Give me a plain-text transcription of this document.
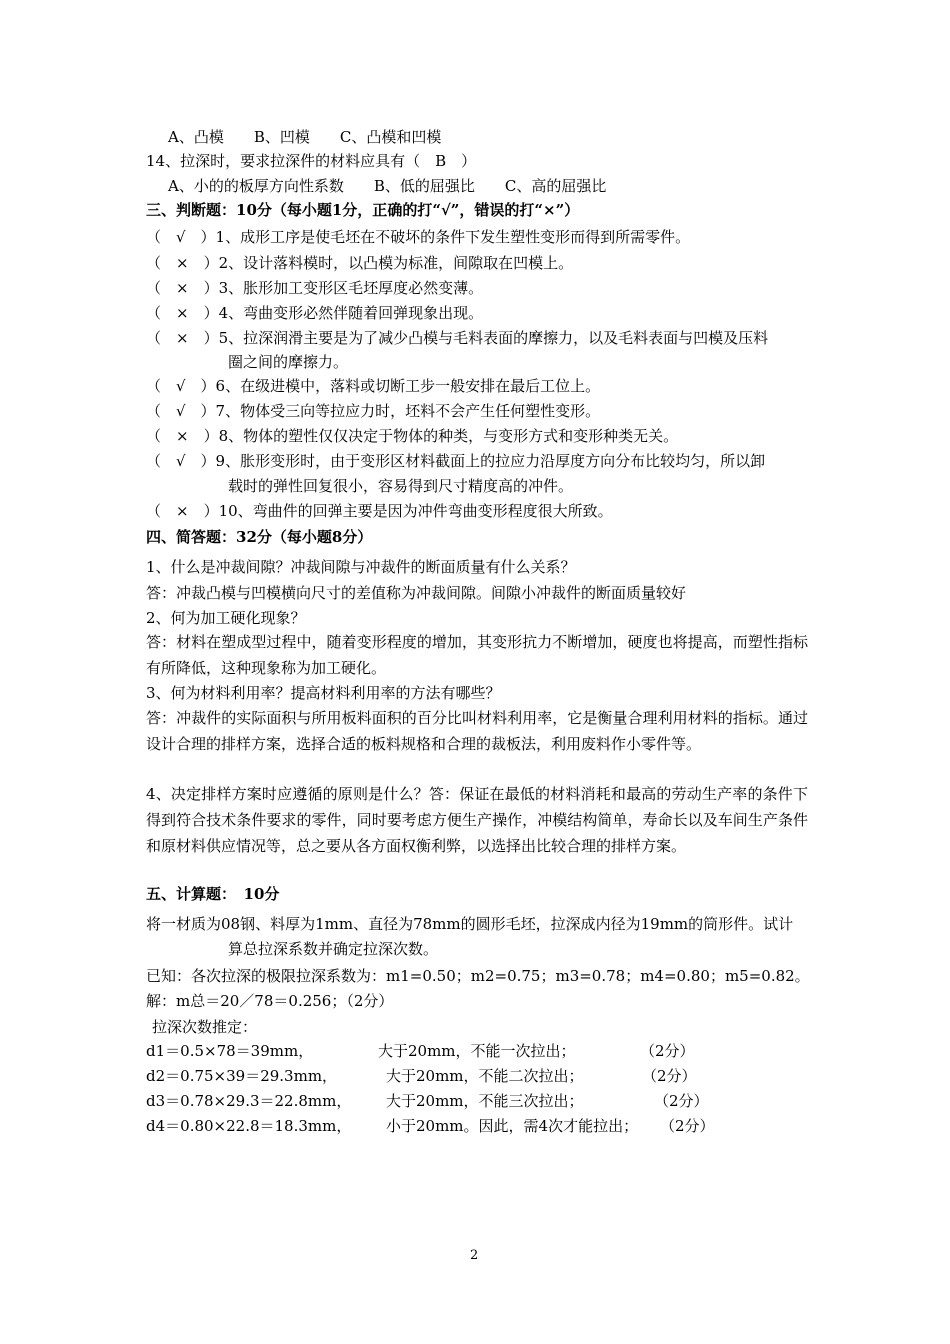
A、凸模　　B、凹模　　C、凸模和凹模
14、拉深时，要求拉深件的材料应具有（　B　）
A、小的的板厚方向性系数　　B、低的屈强比　　C、高的屈强比
三、判断题：10分（每小题1分，正确的打“√”，错误的打“×”）
（　√　）1、成形工序是使毛坯在不破坏的条件下发生塑性变形而得到所需零件。
（　×　）2、设计落料模时，以凸模为标准，间隙取在凹模上。
（　×　）3、胀形加工变形区毛坯厚度必然变薄。
（　×　）4、弯曲变形必然伴随着回弹现象出现。
（　×　）5、拉深润滑主要是为了减少凸模与毛料表面的摩擦力，以及毛料表面与凹模及压料
圈之间的摩擦力。
（　√　）6、在级进模中，落料或切断工步一般安排在最后工位上。
（　√　）7、物体受三向等拉应力时，坯料不会产生任何塑性变形。
（　×　）8、物体的塑性仅仅决定于物体的种类，与变形方式和变形种类无关。
（　√　）9、胀形变形时，由于变形区材料截面上的拉应力沿厚度方向分布比较均匀，所以卸
载时的弹性回复很小，容易得到尺寸精度高的冲件。
（　×　）10、弯曲件的回弹主要是因为冲件弯曲变形程度很大所致。
四、简答题：32分（每小题8分）
1、什么是冲裁间隙？冲裁间隙与冲裁件的断面质量有什么关系？
答：冲裁凸模与凹模横向尺寸的差值称为冲裁间隙。间隙小冲裁件的断面质量较好
2、何为加工硬化现象？
答：材料在塑成型过程中，随着变形程度的增加，其变形抗力不断增加，硬度也将提高，而塑性指标有所降低，这种现象称为加工硬化。
3、何为材料利用率？提高材料利用率的方法有哪些？
答：冲裁件的实际面积与所用板料面积的百分比叫材料利用率，它是衡量合理利用材料的指标。通过设计合理的排样方案，选择合适的板料规格和合理的裁板法，利用废料作小零件等。
4、决定排样方案时应遵循的原则是什么？答：保证在最低的材料消耗和最高的劳动生产率的条件下得到符合技术条件要求的零件，同时要考虑方便生产操作，冲模结构简单，寿命长以及车间生产条件和原材料供应情况等，总之要从各方面权衡利弊，以选择出比较合理的排样方案。
五、计算题：　10分
将一材质为08钢、料厚为1mm、直径为78mm的圆形毛坯，拉深成内径为19mm的筒形件。试计
算总拉深系数并确定拉深次数。
已知：各次拉深的极限拉深系数为：m1=0.50；m2=0.75；m3=0.78；m4=0.80；m5=0.82。
解：m总＝20／78＝0.256；（2分）
拉深次数推定：
d1＝0.5×78＝39mm，	大于20mm，不能一次拉出；	（2分）
d2＝0.75×39＝29.3mm，	大于20mm，不能二次拉出；	（2分）
d3＝0.78×29.3＝22.8mm， 大于20mm，不能三次拉出；	（2分）
d4＝0.80×22.8＝18.3mm， 小于20mm。因此，需4次才能拉出； （2分）
2
